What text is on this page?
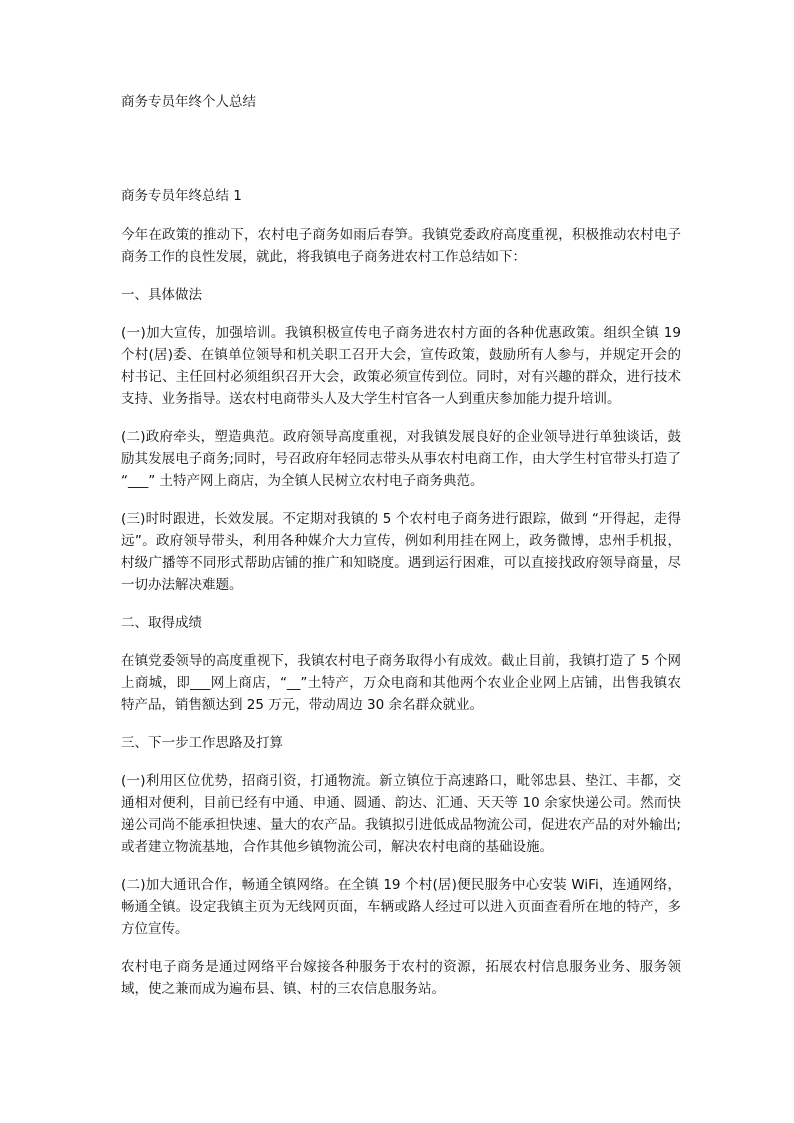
商务专员年终个人总结
商务专员年终总结 1

今年在政策的推动下，农村电子商务如雨后春笋。我镇党委政府高度重视，积极推动农村电子商务工作的良性发展，就此，将我镇电子商务进农村工作总结如下：

一、具体做法

(一)加大宣传，加强培训。我镇积极宣传电子商务进农村方面的各种优惠政策。组织全镇 19 个村(居)委、在镇单位领导和机关职工召开大会，宣传政策，鼓励所有人参与，并规定开会的村书记、主任回村必须组织召开大会，政策必须宣传到位。同时，对有兴趣的群众，进行技术支持、业务指导。送农村电商带头人及大学生村官各一人到重庆参加能力提升培训。

(二)政府牵头，塑造典范。政府领导高度重视，对我镇发展良好的企业领导进行单独谈话，鼓励其发展电子商务;同时，号召政府年轻同志带头从事农村电商工作，由大学生村官带头打造了 “___” 土特产网上商店，为全镇人民树立农村电子商务典范。

(三)时时跟进，长效发展。不定期对我镇的 5 个农村电子商务进行跟踪，做到 “开得起，走得远”。政府领导带头，利用各种媒介大力宣传，例如利用挂在网上，政务微博，忠州手机报，村级广播等不同形式帮助店铺的推广和知晓度。遇到运行困难，可以直接找政府领导商量，尽一切办法解决难题。

二、取得成绩

在镇党委领导的高度重视下，我镇农村电子商务取得小有成效。截止目前，我镇打造了 5 个网上商城，即___网上商店，“__”土特产，万众电商和其他两个农业企业网上店铺，出售我镇农特产品，销售额达到 25 万元，带动周边 30 余名群众就业。

三、下一步工作思路及打算

(一)利用区位优势，招商引资，打通物流。新立镇位于高速路口，毗邻忠县、垫江、丰都，交通相对便利，目前已经有中通、申通、圆通、韵达、汇通、天天等 10 余家快递公司。然而快递公司尚不能承担快速、量大的农产品。我镇拟引进低成品物流公司，促进农产品的对外输出;或者建立物流基地，合作其他乡镇物流公司，解决农村电商的基础设施。

(二)加大通讯合作，畅通全镇网络。在全镇 19 个村(居)便民服务中心安装 WiFi，连通网络，畅通全镇。设定我镇主页为无线网页面，车辆或路人经过可以进入页面查看所在地的特产，多方位宣传。

农村电子商务是通过网络平台嫁接各种服务于农村的资源，拓展农村信息服务业务、服务领域，使之兼而成为遍布县、镇、村的三农信息服务站。
